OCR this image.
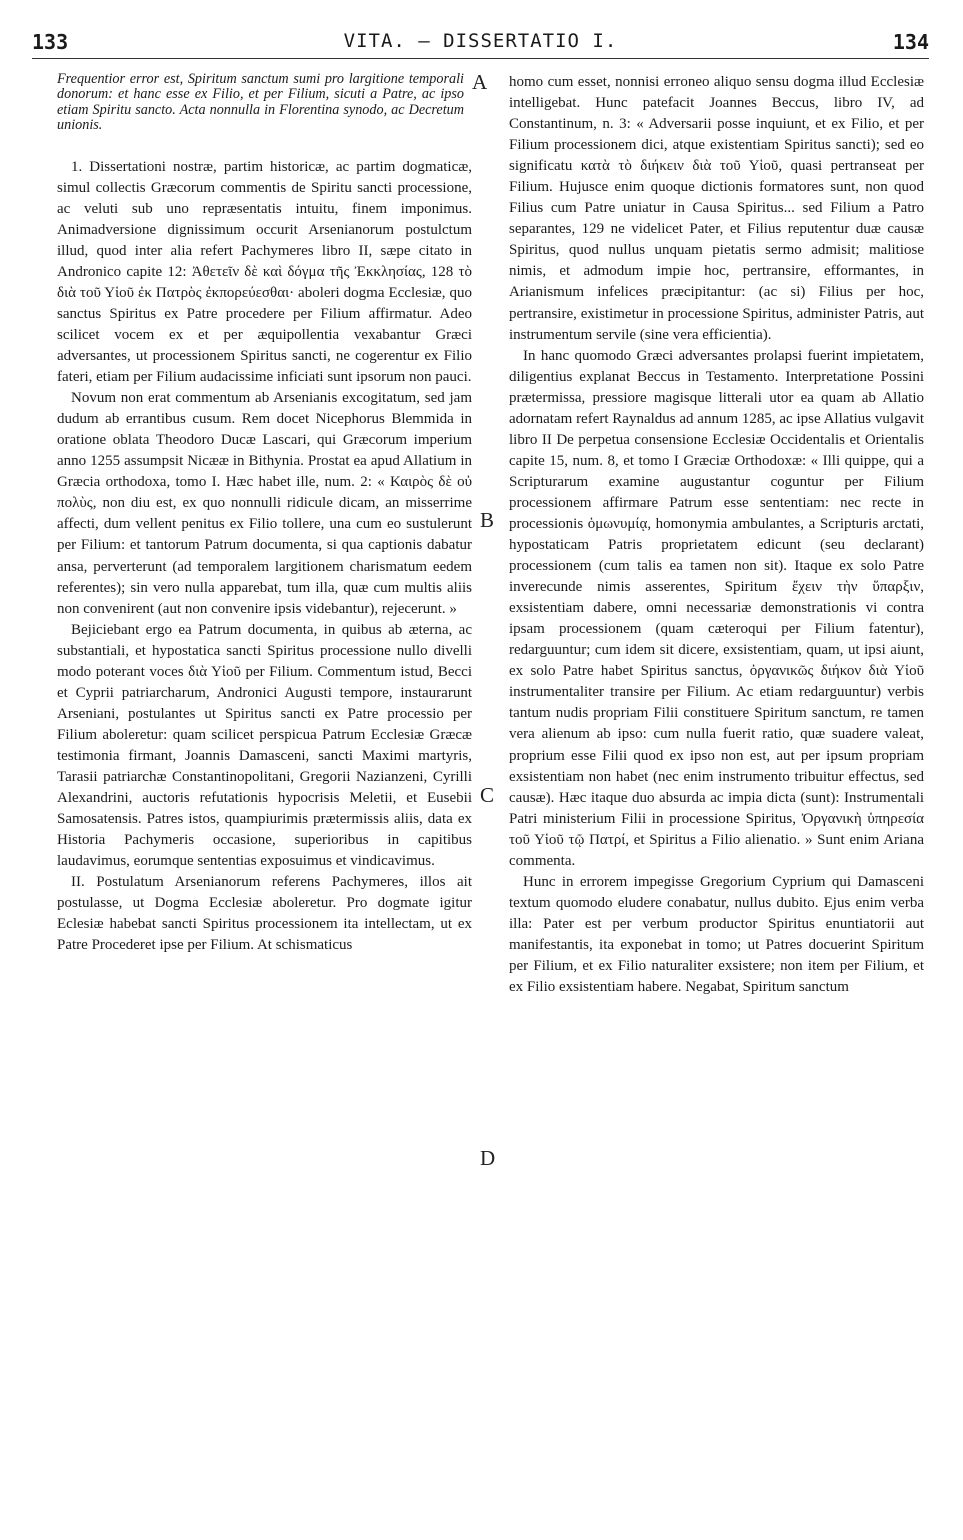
133	VITA. — DISSERTATIO I.	134

Frequentior error est, Spiritum sanctum sumi pro largitione temporali donorum: et hanc esse ex Filio, et per Filium, sicuti a Patre, ac ipso etiam Spiritu sancto. Acta nonnulla in Florentina synodo, ac Decretum unionis.

1. Dissertationi nostræ, partim historicæ, ac partim dogmaticæ, simul collectis Græcorum commentis de Spiritu sancti processione, ac veluti sub uno repræsentatis intuitu, finem imponimus. Animadversione dignissimum occurit Arsenianorum postulctum illud, quod inter alia refert Pachymeres libro II, sæpe citato in Andronico capite 12: Ἀθετεῖν δὲ καὶ δόγμα τῆς Ἐκκλησίας, 128 τὸ διὰ τοῦ Υἱοῦ ἐκ Πατρὸς ἐκπορεύεσθαι· aboleri dogma Ecclesiæ, quo sanctus Spiritus ex Patre procedere per Filium affirmatur. Adeo scilicet vocem ex et per æquipollentia vexabantur Græci adversantes, ut processionem Spiritus sancti, ne cogerentur ex Filio fateri, etiam per Filium audacissime inficiati sunt ipsorum non pauci.

Novum non erat commentum ab Arsenianis excogitatum, sed jam dudum ab errantibus cusum. Rem docet Nicephorus Blemmida in oratione oblata Theodoro Ducæ Lascari, qui Græcorum imperium anno 1255 assumpsit Nicææ in Bithynia. Prostat ea apud Allatium in Græcia orthodoxa, tomo I. Hæc habet ille, num. 2: « Καιρὸς δὲ οὐ πολὺς, non diu est, ex quo nonnulli ridicule dicam, an misserrime affecti, dum vellent penitus ex Filio tollere, una cum eo sustulerunt per Filium: et tantorum Patrum documenta, si qua captionis dabatur ansa, perverterunt (ad temporalem largitionem charismatum eedem referentes); sin vero nulla apparebat, tum illa, quæ cum multis aliis non convenirent (aut non convenire ipsis videbantur), rejecerunt. »

Bejiciebant ergo ea Patrum documenta, in quibus ab æterna, ac substantiali, et hypostatica sancti Spiritus processione nullo divelli modo poterant voces διὰ Υἱοῦ per Filium. Commentum istud, Becci et Cyprii patriarcharum, Andronici Augusti tempore, instaurarunt Arseniani, postulantes ut Spiritus sancti ex Patre processio per Filium aboleretur: quam scilicet perspicua Patrum Ecclesiæ Græcæ testimonia firmant, Joannis Damasceni, sancti Maximi martyris, Tarasii patriarchæ Constantinopolitani, Gregorii Nazianzeni, Cyrilli Alexandrini, auctoris refutationis hypocrisis Meletii, et Eusebii Samosatensis. Patres istos, quampiurimis prætermissis aliis, data ex Historia Pachymeris occasione, superioribus in capitibus laudavimus, eorumque sententias exposuimus et vindicavimus.

II. Postulatum Arsenianorum referens Pachymeres, illos ait postulasse, ut Dogma Ecclesiæ aboleretur. Pro dogmate igitur Eclesiæ habebat sancti Spiritus processionem ita intellectam, ut ex Patre Procederet ipse per Filium. At schismaticus

A
B
C
D

homo cum esset, nonnisi erroneo aliquo sensu dogma illud Ecclesiæ intelligebat. Hunc patefacit Joannes Beccus, libro IV, ad Constantinum, n. 3: « Adversarii posse inquiunt, et ex Filio, et per Filium processionem dici, atque existentiam Spiritus sancti); sed eo significatu κατὰ τὸ διήκειν διὰ τοῦ Υἱοῦ, quasi pertranseat per Filium. Hujusce enim quoque dictionis formatores sunt, non quod Filius cum Patre uniatur in Causa Spiritus... sed Filium a Patro separantes, 129 ne videlicet Pater, et Filius reputentur duæ causæ Spiritus, quod nullus unquam pietatis sermo admisit; malitiose nimis, et admodum impie hoc, pertransire, efformantes, in Arianismum infelices præcipitantur: (ac si) Filius per hoc, pertransire, existimetur in processione Spiritus, administer Patris, aut instrumentum servile (sine vera efficientia).

In hanc quomodo Græci adversantes prolapsi fuerint impietatem, diligentius explanat Beccus in Testamento. Interpretatione Possini prætermissa, pressiore magisque litterali utor ea quam ab Allatio adornatam refert Raynaldus ad annum 1285, ac ipse Allatius vulgavit libro II De perpetua consensione Ecclesiæ Occidentalis et Orientalis capite 15, num. 8, et tomo I Græciæ Orthodoxæ: « Illi quippe, qui a Scripturarum examine augustantur coguntur per Filium processionem affirmare Patrum esse sententiam: nec recte in processionis ὁμωνυμίᾳ, homonymia ambulantes, a Scripturis arctati, hypostaticam Patris proprietatem edicunt (seu declarant) processionem (cum talis ea tamen non sit). Itaque ex solo Patre inverecunde nimis asserentes, Spiritum ἔχειν τὴν ὕπαρξιν, exsistentiam dabere, omni necessariæ demonstrationis vi contra ipsam processionem (quam cæteroqui per Filium fatentur), redarguuntur; cum idem sit dicere, exsistentiam, quam, ut ipsi aiunt, ex solo Patre habet Spiritus sanctus, ὀργανικῶς διήκον διὰ Υἱοῦ instrumentaliter transire per Filium. Ac etiam redarguuntur) verbis tantum nudis propriam Filii constituere Spiritum sanctum, re tamen vera alienum ab ipso: cum nulla fuerit ratio, quæ suadere valeat, proprium esse Filii quod ex ipso non est, aut per ipsum propriam exsistentiam non habet (nec enim instrumento tribuitur effectus, sed causæ). Hæc itaque duo absurda ac impia dicta (sunt): Instrumentali Patri ministerium Filii in processione Spiritus, Ὀργανικὴ ὑπηρεσία τοῦ Υἱοῦ τῷ Πατρί, et Spiritus a Filio alienatio. » Sunt enim Ariana commenta.

Hunc in errorem impegisse Gregorium Cyprium qui Damasceni textum quomodo eludere conabatur, nullus dubito. Ejus enim verba illa: Pater est per verbum productor Spiritus enuntiatorii aut manifestantis, ita exponebat in tomo; ut Patres docuerint Spiritum per Filium, et ex Filio naturaliter exsistere; non item per Filium, et ex Filio exsistentiam habere. Negabat, Spiritum sanctum
